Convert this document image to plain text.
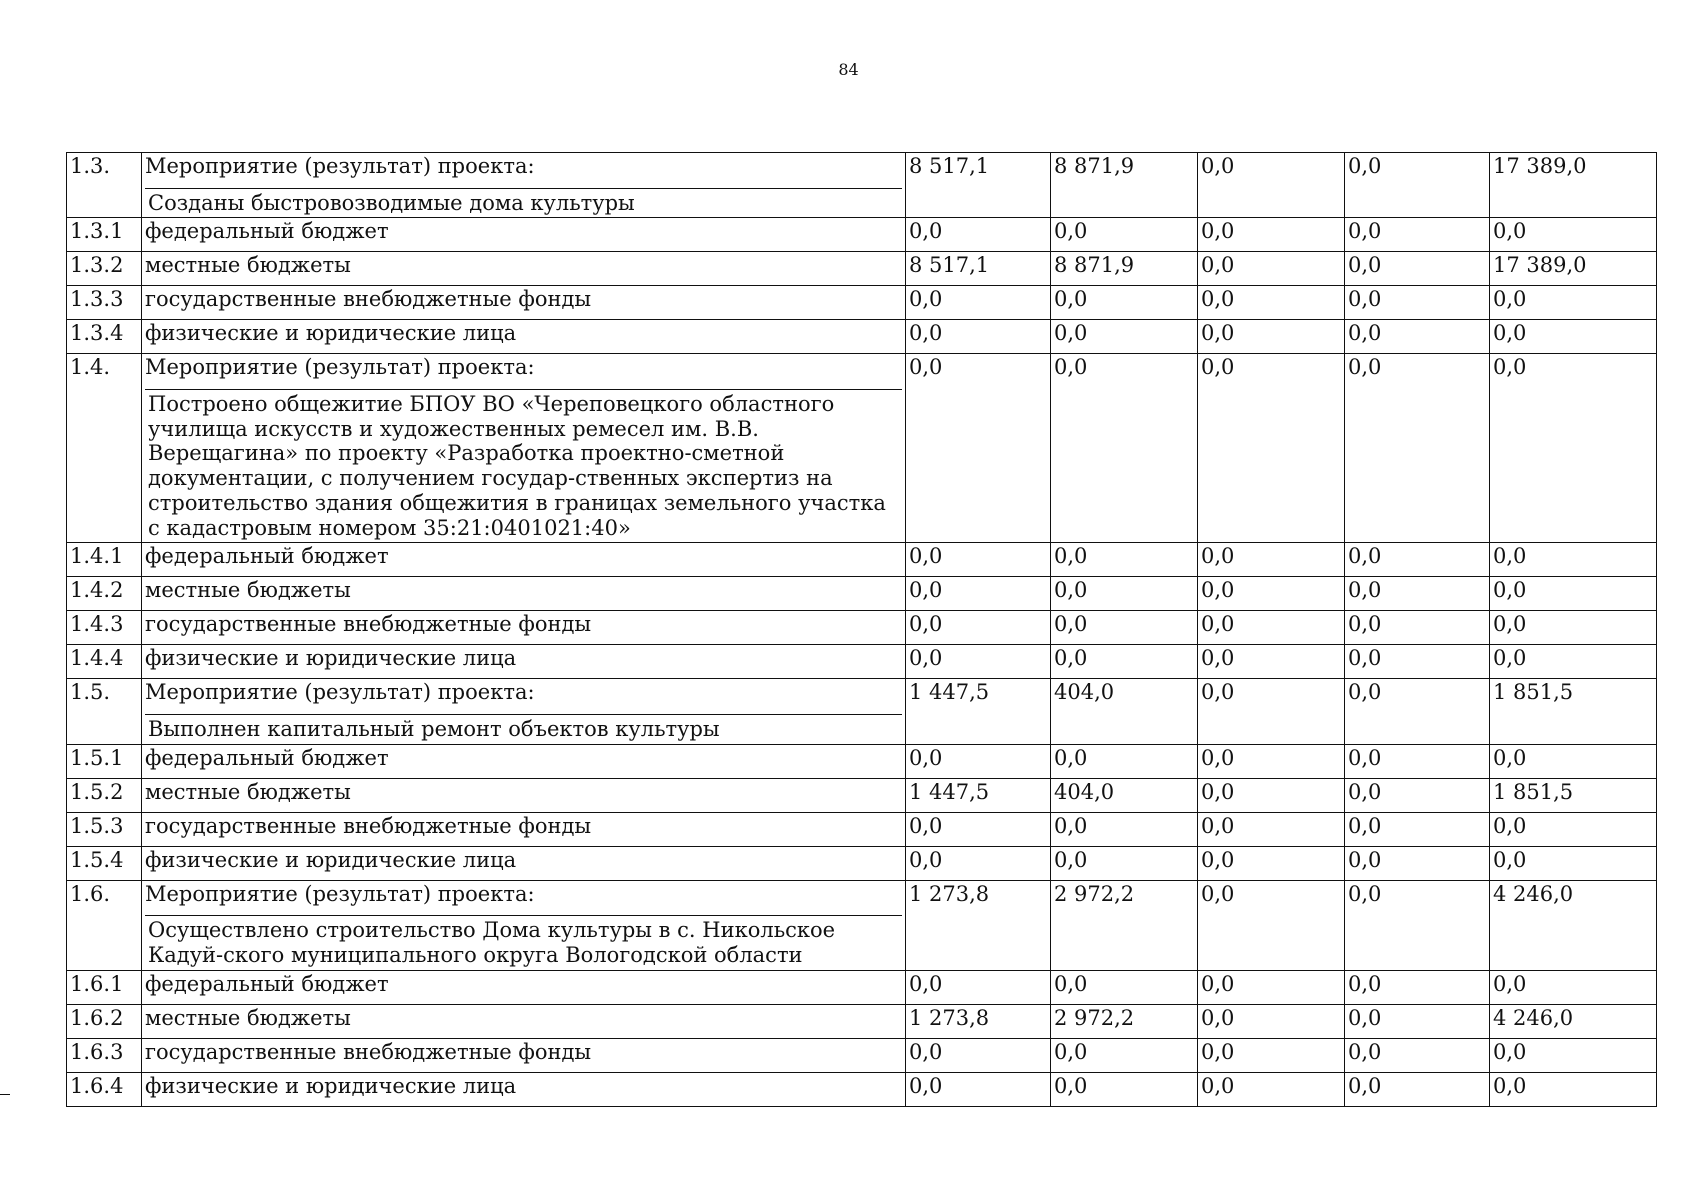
84
1.3.	Мероприятие (результат) проекта:	8 517,1	8 871,9	0,0	0,0	17 389,0

	Созданы быстровозводимые дома культуры					

1.3.1	федеральный бюджет	0,0	0,0	0,0	0,0	0,0
1.3.2	местные бюджеты	8 517,1	8 871,9	0,0	0,0	17 389,0
1.3.3	государственные внебюджетные фонды	0,0	0,0	0,0	0,0	0,0
1.3.4	физические и юридические лица	0,0	0,0	0,0	0,0	0,0
1.4.	Мероприятие (результат) проекта:	0,0	0,0	0,0	0,0	0,0

	Построено общежитие БПОУ ВО «Череповецкого областного училища искусств и художественных ремесел им. В.В. Верещагина» по проекту «Разработка проектно-сметной документации, с получением государ-ственных экспертиз на строительство здания общежития в границах земельного участка с кадастровым номером 35:21:0401021:40»					

1.4.1	федеральный бюджет	0,0	0,0	0,0	0,0	0,0
1.4.2	местные бюджеты	0,0	0,0	0,0	0,0	0,0
1.4.3	государственные внебюджетные фонды	0,0	0,0	0,0	0,0	0,0
1.4.4	физические и юридические лица	0,0	0,0	0,0	0,0	0,0
1.5.	Мероприятие (результат) проекта:	1 447,5	404,0	0,0	0,0	1 851,5

	Выполнен капитальный ремонт объектов культуры					

1.5.1	федеральный бюджет	0,0	0,0	0,0	0,0	0,0
1.5.2	местные бюджеты	1 447,5	404,0	0,0	0,0	1 851,5
1.5.3	государственные внебюджетные фонды	0,0	0,0	0,0	0,0	0,0
1.5.4	физические и юридические лица	0,0	0,0	0,0	0,0	0,0
1.6.	Мероприятие (результат) проекта:	1 273,8	2 972,2	0,0	0,0	4 246,0

	Осуществлено строительство Дома культуры в с. Никольское Кадуй-ского муниципального округа Вологодской области					

1.6.1	федеральный бюджет	0,0	0,0	0,0	0,0	0,0
1.6.2	местные бюджеты	1 273,8	2 972,2	0,0	0,0	4 246,0
1.6.3	государственные внебюджетные фонды	0,0	0,0	0,0	0,0	0,0
1.6.4	физические и юридические лица	0,0	0,0	0,0	0,0	0,0
